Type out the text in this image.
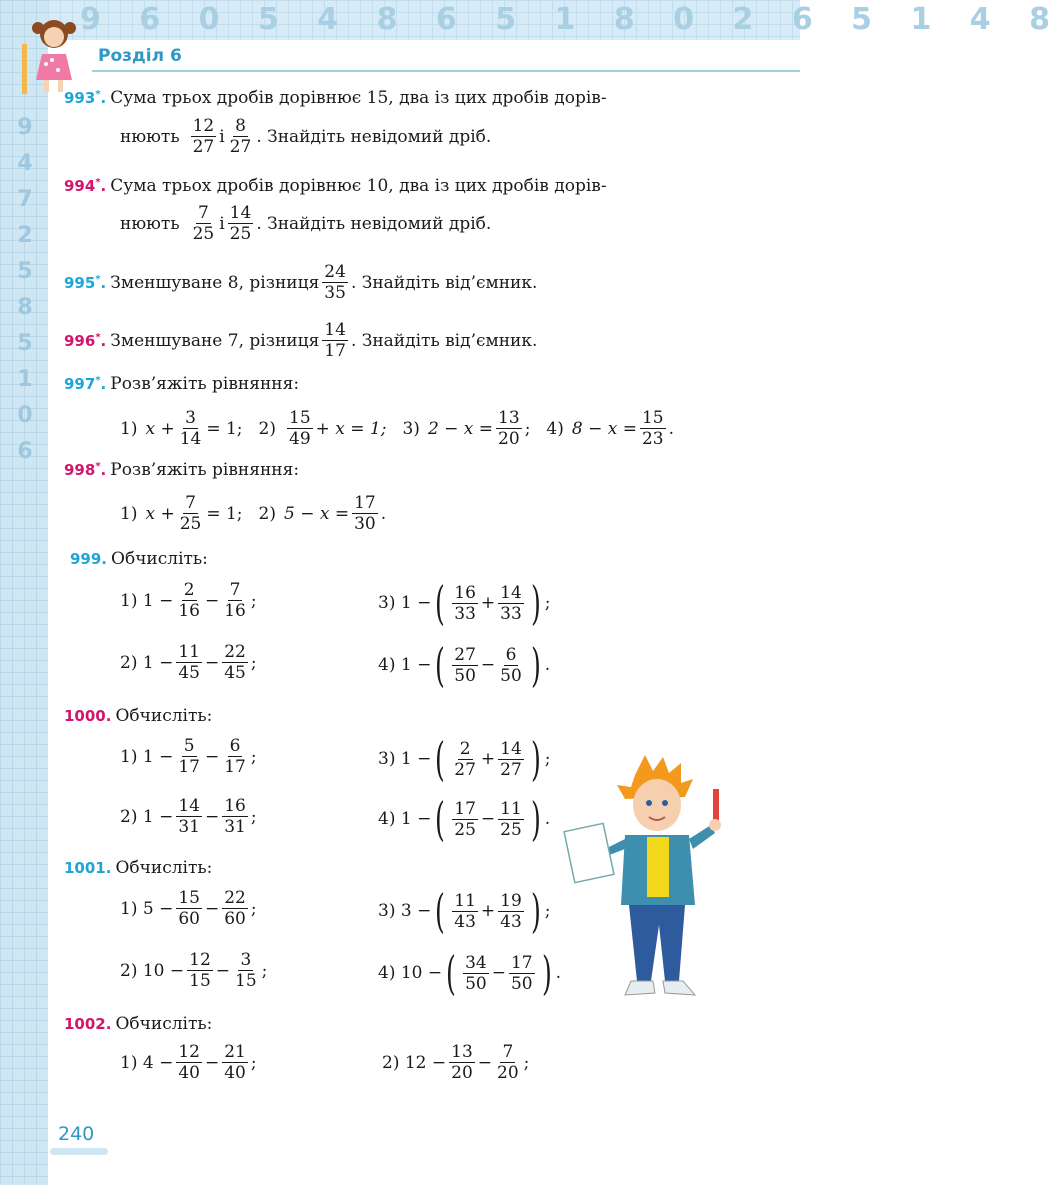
9 6 0 5 4 8 6 5 1 8 0 2 6 5 1 4 8
9
4
7
2
5
8
5
1
0
6
Розділ 6
993*. Сума трьох дробів дорівнює 15, два із цих дробів дорів-
нюють $\frac{12}{27}$ і $\frac{8}{27}$ . Знайдіть невідомий дріб.
994*. Сума трьох дробів дорівнює 10, два із цих дробів дорів-
нюють $\frac{7}{25}$ і $\frac{14}{25}$ . Знайдіть невідомий дріб.
995*. Зменшуване 8, різниця $\frac{24}{35}$ . Знайдіть від’ємник.
996*. Зменшуване 7, різниця $\frac{14}{17}$ . Знайдіть від’ємник.
997*. Розв’яжіть рівняння:
1) $x + \frac{3}{14} = 1$; $2) \frac{15}{49} + x = 1$; 3) $2 - x = \frac{13}{20}$ ; 4) $8 - x = \frac{15}{23}$ .
998*. Розв’яжіть рівняння:
1) $x + \frac{7}{25} = 1$; 2) $5 - x = \frac{17}{30}$ .
999. Обчисліть:
1) $1 - \frac{2}{16} - \frac{7}{16}$ ;
2) $1 - \frac{11}{45} - \frac{22}{45}$ ;
3) 1 − ( $\frac{16}{33} + \frac{14}{33}$ ) ;
4) 1 − ( $\frac{27}{50} - \frac{6}{50}$ ) .
1000. Обчисліть:
1) $1 - \frac{5}{17} - \frac{6}{17}$ ;
2) $1 - \frac{14}{31} - \frac{16}{31}$ ;
3) 1 − ( $\frac{2}{27} + \frac{14}{27}$ ) ;
4) 1 − ( $\frac{17}{25} - \frac{11}{25}$ ) .
1001. Обчисліть:
1) $5 - \frac{15}{60} - \frac{22}{60}$ ;
2) $10 - \frac{12}{15} - \frac{3}{15}$ ;
3) 3 − ( $\frac{11}{43} + \frac{19}{43}$ ) ;
4) 10 − ( $\frac{34}{50} - \frac{17}{50}$ ) .
1002. Обчисліть:
1) $4 - \frac{12}{40} - \frac{21}{40}$ ;	2) $12 - \frac{13}{20} - \frac{7}{20}$ ;
240
